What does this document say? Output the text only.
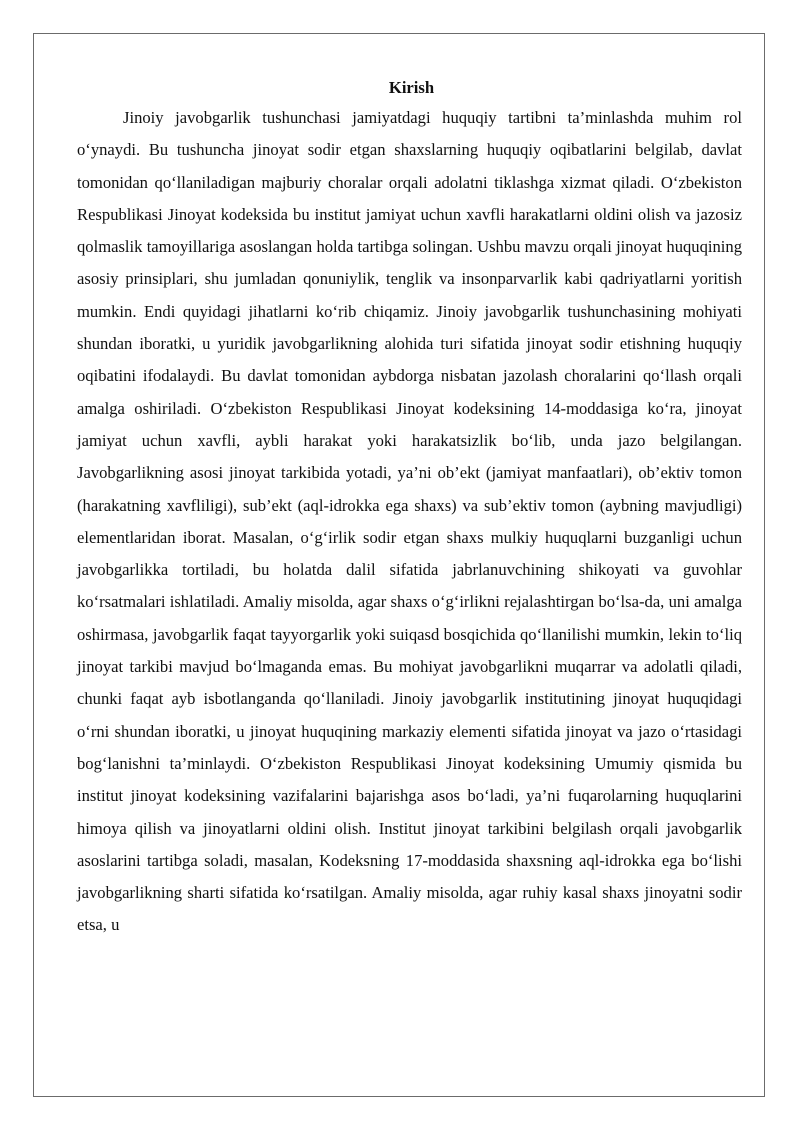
Kirish

Jinoiy javobgarlik tushunchasi jamiyatdagi huquqiy tartibni ta’minlashda muhim rol o‘ynaydi. Bu tushuncha jinoyat sodir etgan shaxslarning huquqiy oqibatlarini belgilab, davlat tomonidan qo‘llaniladigan majburiy choralar orqali adolatni tiklashga xizmat qiladi. O‘zbekiston Respublikasi Jinoyat kodeksida bu institut jamiyat uchun xavfli harakatlarni oldini olish va jazosiz qolmaslik tamoyillariga asoslangan holda tartibga solingan. Ushbu mavzu orqali jinoyat huquqining asosiy prinsiplari, shu jumladan qonuniylik, tenglik va insonparvarlik kabi qadriyatlarni yoritish mumkin. Endi quyidagi jihatlarni ko‘rib chiqamiz. Jinoiy javobgarlik tushunchasining mohiyati shundan iboratki, u yuridik javobgarlikning alohida turi sifatida jinoyat sodir etishning huquqiy oqibatini ifodalaydi. Bu davlat tomonidan aybdorga nisbatan jazolash choralarini qo‘llash orqali amalga oshiriladi. O‘zbekiston Respublikasi Jinoyat kodeksining 14-moddasiga ko‘ra, jinoyat jamiyat uchun xavfli, aybli harakat yoki harakatsizlik bo‘lib, unda jazo belgilangan. Javobgarlikning asosi jinoyat tarkibida yotadi, ya’ni ob’ekt (jamiyat manfaatlari), ob’ektiv tomon (harakatning xavfliligi), sub’ekt (aql-idrokka ega shaxs) va sub’ektiv tomon (aybning mavjudligi) elementlaridan iborat. Masalan, o‘g‘irlik sodir etgan shaxs mulkiy huquqlarni buzganligi uchun javobgarlikka tortiladi, bu holatda dalil sifatida jabrlanuvchining shikoyati va guvohlar ko‘rsatmalari ishlatiladi. Amaliy misolda, agar shaxs o‘g‘irlikni rejalashtirgan bo‘lsa-da, uni amalga oshirmasa, javobgarlik faqat tayyorgarlik yoki suiqasd bosqichida qo‘llanilishi mumkin, lekin to‘liq jinoyat tarkibi mavjud bo‘lmaganda emas. Bu mohiyat javobgarlikni muqarrar va adolatli qiladi, chunki faqat ayb isbotlanganda qo‘llaniladi. Jinoiy javobgarlik institutining jinoyat huquqidagi o‘rni shundan iboratki, u jinoyat huquqining markaziy elementi sifatida jinoyat va jazo o‘rtasidagi bog‘lanishni ta’minlaydi. O‘zbekiston Respublikasi Jinoyat kodeksining Umumiy qismida bu institut jinoyat kodeksining vazifalarini bajarishga asos bo‘ladi, ya’ni fuqarolarning huquqlarini himoya qilish va jinoyatlarni oldini olish. Institut jinoyat tarkibini belgilash orqali javobgarlik asoslarini tartibga soladi, masalan, Kodeksning 17-moddasida shaxsning aql-idrokka ega bo‘lishi javobgarlikning sharti sifatida ko‘rsatilgan. Amaliy misolda, agar ruhiy kasal shaxs jinoyatni sodir etsa, u
